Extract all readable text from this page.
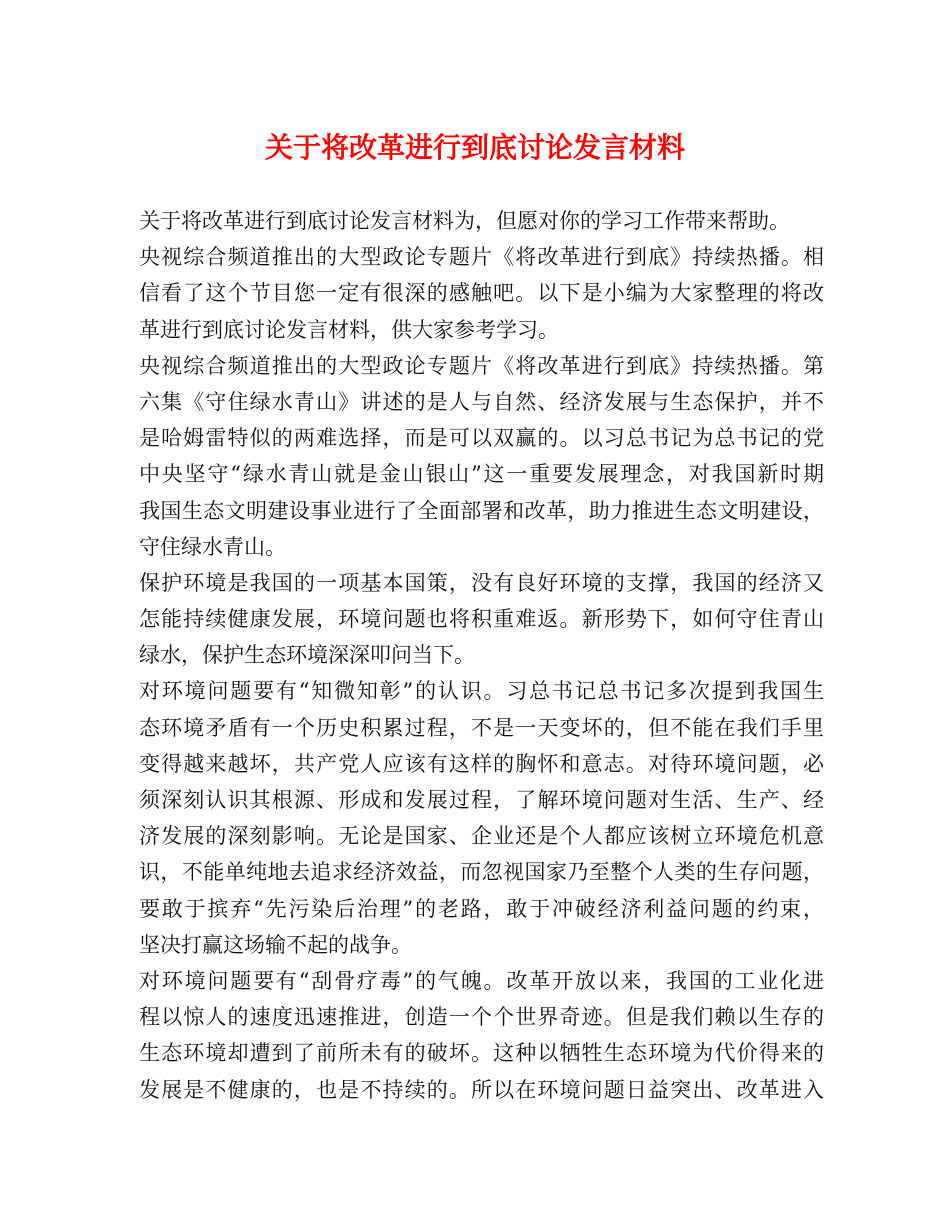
关于将改革进行到底讨论发言材料
关于将改革进行到底讨论发言材料为，但愿对你的学习工作带来帮助。
央视综合频道推出的大型政论专题片《将改革进行到底》持续热播。相
信看了这个节目您一定有很深的感触吧。以下是小编为大家整理的将改
革进行到底讨论发言材料，供大家参考学习。
央视综合频道推出的大型政论专题片《将改革进行到底》持续热播。第
六集《守住绿水青山》讲述的是人与自然、经济发展与生态保护，并不
是哈姆雷特似的两难选择，而是可以双赢的。以习总书记为总书记的党
中央坚守“绿水青山就是金山银山”这一重要发展理念，对我国新时期
我国生态文明建设事业进行了全面部署和改革，助力推进生态文明建设，
守住绿水青山。
保护环境是我国的一项基本国策，没有良好环境的支撑，我国的经济又
怎能持续健康发展，环境问题也将积重难返。新形势下，如何守住青山
绿水，保护生态环境深深叩问当下。
对环境问题要有“知微知彰”的认识。习总书记总书记多次提到我国生
态环境矛盾有一个历史积累过程，不是一天变坏的，但不能在我们手里
变得越来越坏，共产党人应该有这样的胸怀和意志。对待环境问题，必
须深刻认识其根源、形成和发展过程，了解环境问题对生活、生产、经
济发展的深刻影响。无论是国家、企业还是个人都应该树立环境危机意
识，不能单纯地去追求经济效益，而忽视国家乃至整个人类的生存问题，
要敢于摈弃“先污染后治理”的老路，敢于冲破经济利益问题的约束，
坚决打赢这场输不起的战争。
对环境问题要有“刮骨疗毒”的气魄。改革开放以来，我国的工业化进
程以惊人的速度迅速推进，创造一个个世界奇迹。但是我们赖以生存的
生态环境却遭到了前所未有的破坏。这种以牺牲生态环境为代价得来的
发展是不健康的，也是不持续的。所以在环境问题日益突出、改革进入
